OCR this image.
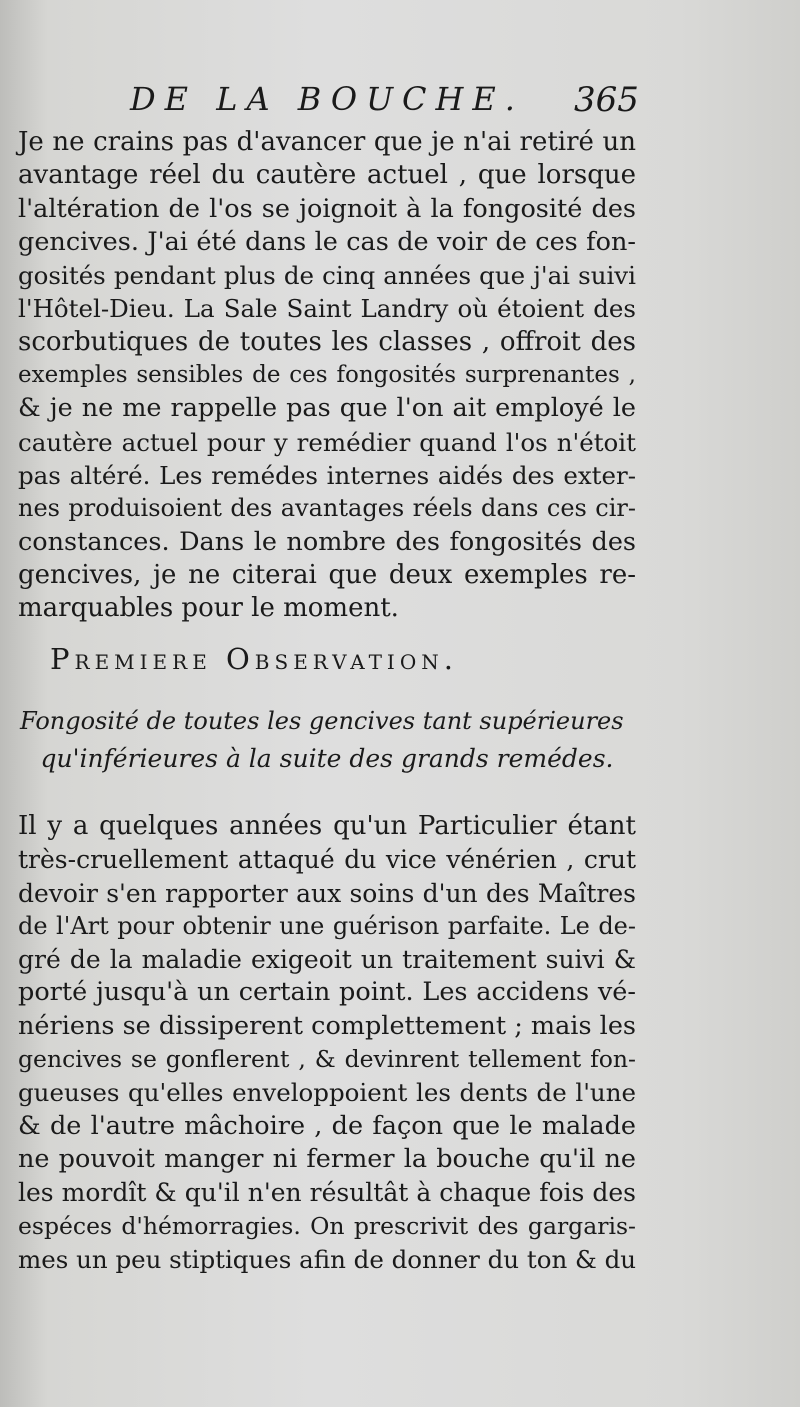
DE LA BOUCHE. 365
Je ne crains pas d'avancer que je n'ai retiré un
avantage réel du cautère actuel , que lorsque
l'altération de l'os se joignoit à la fongosité des
gencives. J'ai été dans le cas de voir de ces fon-
gosités pendant plus de cinq années que j'ai suivi
l'Hôtel-Dieu. La Sale Saint Landry où étoient des
scorbutiques de toutes les classes , offroit des
exemples sensibles de ces fongosités surprenantes ,
& je ne me rappelle pas que l'on ait employé le
cautère actuel pour y remédier quand l'os n'étoit
pas altéré. Les remédes internes aidés des exter-
nes produisoient des avantages réels dans ces cir-
constances. Dans le nombre des fongosités des
gencives, je ne citerai que deux exemples re-
marquables pour le moment.
Premiere Observation.
Fongosité de toutes les gencives tant supérieures
qu'inférieures à la suite des grands remédes.
Il y a quelques années qu'un Particulier étant
très-cruellement attaqué du vice vénérien , crut
devoir s'en rapporter aux soins d'un des Maîtres
de l'Art pour obtenir une guérison parfaite. Le de-
gré de la maladie exigeoit un traitement suivi &
porté jusqu'à un certain point. Les accidens vé-
nériens se dissiperent complettement ; mais les
gencives se gonflerent , & devinrent tellement fon-
gueuses qu'elles enveloppoient les dents de l'une
& de l'autre mâchoire , de façon que le malade
ne pouvoit manger ni fermer la bouche qu'il ne
les mordît & qu'il n'en résultât à chaque fois des
espéces d'hémorragies. On prescrivit des gargaris-
mes un peu stiptiques afin de donner du ton & du
